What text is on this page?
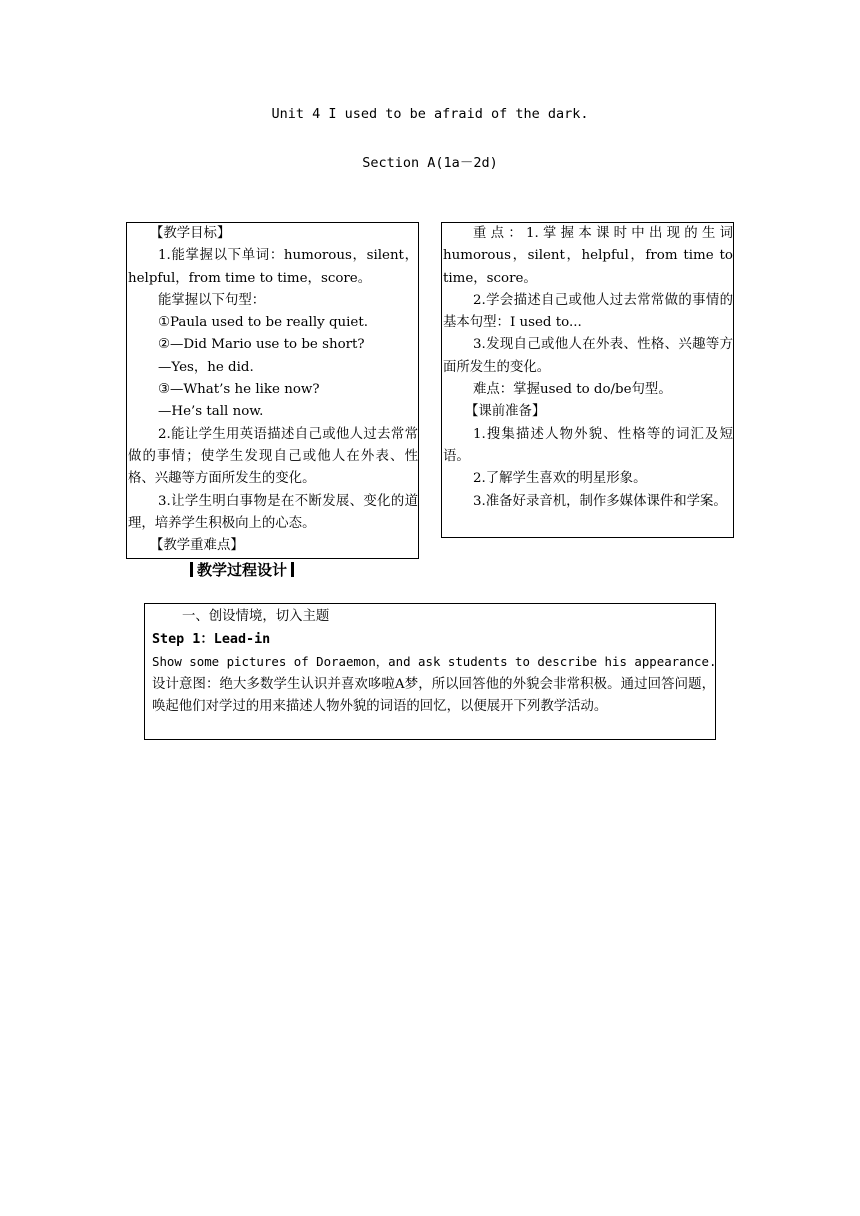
Unit 4 I used to be afraid of the dark.
Section A(1a－2d)

【教学目标】

1.能掌握以下单词：humorous，silent，helpful，from time to time，score。

能掌握以下句型：

①Paula used to be really quiet.

②—Did Mario use to be short?

—Yes，he did.

③—What’s he like now?

—He’s tall now.

2.能让学生用英语描述自己或他人过去常常做的事情；使学生发现自己或他人在外表、性格、兴趣等方面所发生的变化。

3.让学生明白事物是在不断发展、变化的道理，培养学生积极向上的心态。

【教学重难点】

重点：1.掌握本课时中出现的生词humorous，silent，helpful，from time to time，score。

2.学会描述自己或他人过去常常做的事情的基本句型：I used to...

3.发现自己或他人在外表、性格、兴趣等方面所发生的变化。

难点：掌握used to do/be句型。

【课前准备】

1.搜集描述人物外貌、性格等的词汇及短语。

2.了解学生喜欢的明星形象。

3.准备好录音机，制作多媒体课件和学案。

教学过程设计

一、创设情境，切入主题

Step 1：Lead-in

Show some pictures of Doraemon，and ask students to describe his appearance.

设计意图：绝大多数学生认识并喜欢哆啦A梦，所以回答他的外貌会非常积极。通过回答问题，唤起他们对学过的用来描述人物外貌的词语的回忆，以便展开下列教学活动。
